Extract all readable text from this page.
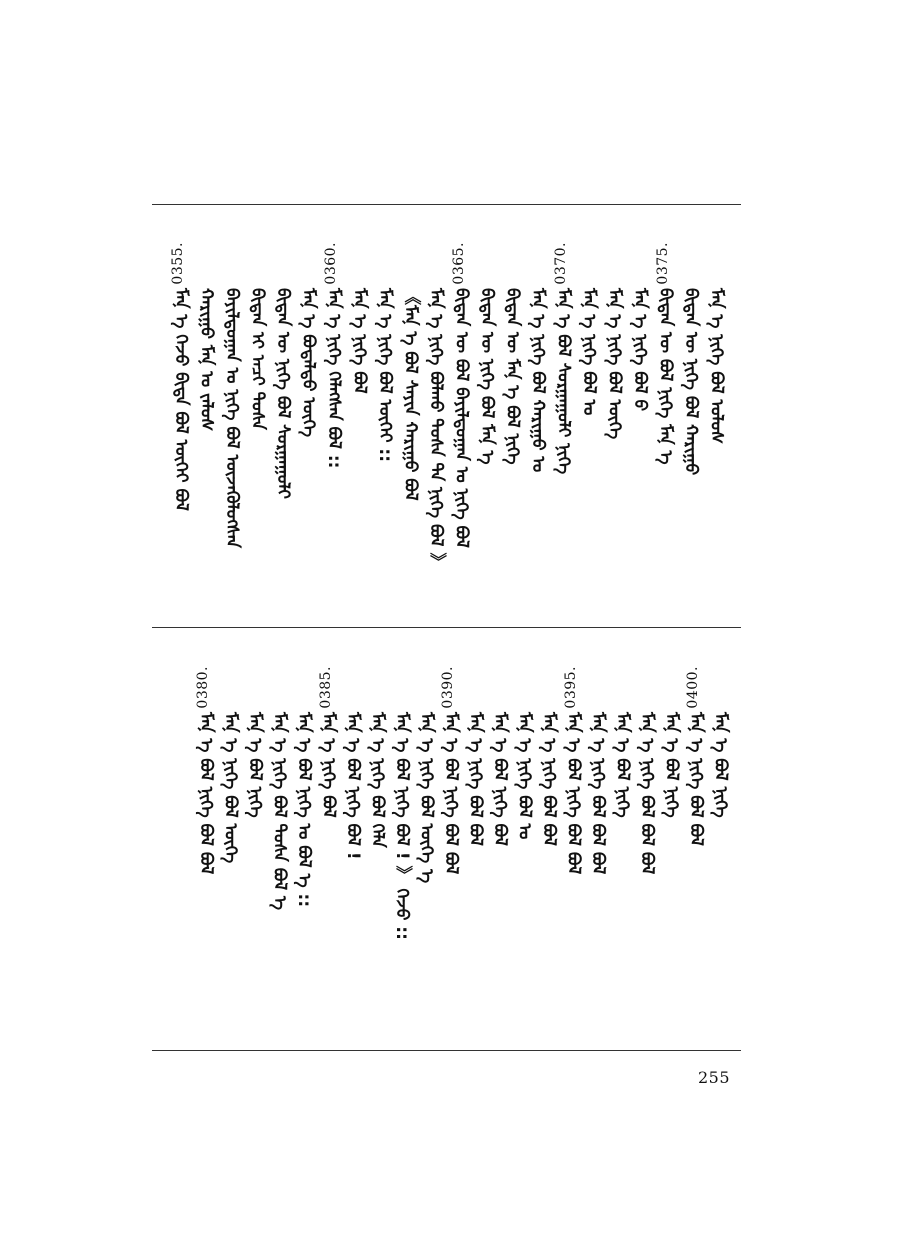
0355.
ᠮᠡᠨ᠋ ᠡ ᠭᠡᠵᠦ ᠪᠢᠳᠡ ᠪᠤᠯ ᠦᠭᠡᠢ ᠪᠤᠯ ᠬᠠᠷᠢᠭᠤ ᠮᠠᠨ᠋ ᠤ ᠵᠠᠯᠤᠰ ᠪᠠᠶᠢᠯᠳᠤᠭᠠᠨ ᠤ ᠨᠢᠭᠡ ᠪᠤᠯ ᠦᠵᠡᠭᠦᠯᠦᠭᠰᠡᠨ ᠪᠢᠳᠡᠨ ᠢ ᠠᠴᠢ ᠲᠤᠰᠠ ᠪᠢᠳᠡᠨ ᠦ ᠨᠢᠭᠡ ᠪᠤᠯ ᠰᠤᠷᠭᠠᠭᠤᠯᠢ ᠮᠡᠨ᠋ ᠡ ᠪᠤᠳᠠᠯᠳᠤ ᠦᠭᠡ
0360.
ᠮᠡᠨ᠋ ᠡ ᠨᠢᠭᠡ ᠬᠡᠯᠡᠭᠰᠡᠨ ᠪᠤᠯ :: ᠮᠡᠨ᠋ ᠡ ᠨᠢᠭᠡ ᠪᠤᠯ ᠮᠡᠨ᠋ ᠡ ᠨᠢᠭᠡ ᠪᠤᠯ ᠦᠭᠡᠢ :: 《ᠮᠡᠨ᠋ ᠡ ᠪᠤᠯ ᠰᠠᠶᠢᠨ ᠬᠠᠷᠢᠭᠤ ᠪᠤᠯ ᠮᠡᠨ᠋ ᠡ ᠨᠢᠭᠡ ᠪᠣᠯᠬᠤ ᠲᠤᠰᠠ ᠲᠠ ᠨᠢᠭᠡ ᠪᠤᠯ 》
0365.
ᠪᠢᠳᠡᠨ ᠦ ᠪᠤᠯ ᠪᠠᠶᠢᠯᠳᠤᠭᠠᠨ ᠤ ᠨᠢᠭᠡ ᠪᠤᠯ ᠪᠢᠳᠡᠨ ᠦ ᠨᠢᠭᠡ ᠪᠤᠯ ᠮᠡᠨ᠋ ᠡ ᠪᠢᠳᠡᠨ ᠦ ᠮᠡᠨ᠋ ᠡ ᠪᠤᠯ ᠨᠢᠭᠡ ᠮᠡᠨ᠋ ᠡ ᠨᠢᠭᠡ ᠪᠤᠯ ᠬᠠᠷᠢᠭᠤ ᠤ
0370.
ᠮᠡᠨ᠋ ᠡ ᠪᠤᠯ ᠰᠤᠷᠭᠠᠭᠤᠯᠢ ᠨᠢᠭᠡ ᠮᠡᠨ᠋ ᠡ ᠨᠢᠭᠡ ᠪᠤᠯ ᠤ ᠮᠡᠨ᠋ ᠡ ᠨᠢᠭᠡ ᠪᠤᠯ ᠦᠭᠡ ᠮᠡᠨ᠋ ᠡ ᠨᠢᠭᠡ ᠪᠤᠯ ᠪ
0375.
ᠪᠢᠳᠡᠨ ᠦ ᠪᠤᠯ ᠨᠢᠭᠡ ᠮᠡᠨ᠋ ᠡ ᠪᠢᠳᠡᠨ ᠦ ᠨᠢᠭᠡ ᠪᠤᠯ ᠬᠠᠷᠢᠭᠤ ᠮᠡᠨ᠋ ᠡ ᠨᠢᠭᠡ ᠪᠤᠯ ᠤᠯᠤᠰ
0380.
ᠮᠡᠨ᠋ ᠡ ᠪᠤᠯ ᠨᠢᠭᠡ ᠪᠤᠯ ᠪᠤᠯ ᠮᠡᠨ᠋ ᠡ ᠨᠢᠭᠡ ᠪᠤᠯ ᠦᠭᠡ ᠮᠡᠨ᠋ ᠡ ᠪᠤᠯ ᠨᠢᠭᠡ ᠮᠡᠨ᠋ ᠡ ᠨᠢᠭᠡ ᠪᠤᠯ ᠲᠤᠰᠠ ᠪᠤᠯ ᠡ ᠮᠡᠨ᠋ ᠡ ᠪᠤᠯ ᠨᠢᠭᠡ ᠤ ᠪᠤᠯ ᠡ ::
0385.
ᠮᠡᠨ᠋ ᠡ ᠨᠢᠭᠡ ᠪᠤᠯ ᠮᠡᠨ᠋ ᠡ ᠪᠤᠯ ᠨᠢᠭᠡ ᠪᠤᠯ ! ᠮᠡᠨ᠋ ᠡ ᠨᠢᠭᠡ ᠪᠤᠯ ᠬᠡᠯᠡ ᠮᠡᠨ᠋ ᠡ ᠪᠤᠯ ᠨᠢᠭᠡ ᠪᠤᠯ ! 》 ᠭᠡᠵᠦ :: ᠮᠡᠨ᠋ ᠡ ᠨᠢᠭᠡ ᠪᠤᠯ ᠦᠭᠡ ᠡ
0390.
ᠮᠡᠨ᠋ ᠡ ᠪᠤᠯ ᠨᠢᠭᠡ ᠪᠤᠯ ᠪᠤᠯ ᠮᠡᠨ᠋ ᠡ ᠨᠢᠭᠡ ᠪᠤᠯ ᠪᠤᠯ ᠮᠡᠨ᠋ ᠡ ᠪᠤᠯ ᠨᠢᠭᠡ ᠪᠤᠯ ᠮᠡᠨ᠋ ᠡ ᠨᠢᠭᠡ ᠪᠤᠯ ᠤ ᠮᠡᠨ᠋ ᠡ ᠨᠢᠭᠡ ᠪᠤᠯ ᠪᠤᠯ
0395.
ᠮᠡᠨ᠋ ᠡ ᠪᠤᠯ ᠨᠢᠭᠡ ᠪᠤᠯ ᠪᠤᠯ ᠮᠡᠨ᠋ ᠡ ᠨᠢᠭᠡ ᠪᠤᠯ ᠪᠤᠯ ᠪᠤᠯ ᠮᠡᠨ᠋ ᠡ ᠪᠤᠯ ᠨᠢᠭᠡ ᠮᠡᠨ᠋ ᠡ ᠨᠢᠭᠡ ᠪᠤᠯ ᠪᠤᠯ ᠪᠤᠯ ᠮᠡᠨ᠋ ᠡ ᠪᠤᠯ ᠨᠢᠭᠡ
0400.
ᠮᠡᠨ᠋ ᠡ ᠨᠢᠭᠡ ᠪᠤᠯ ᠪᠤᠯ ᠮᠡᠨ᠋ ᠡ ᠪᠤᠯ ᠨᠢᠭᠡ
255
